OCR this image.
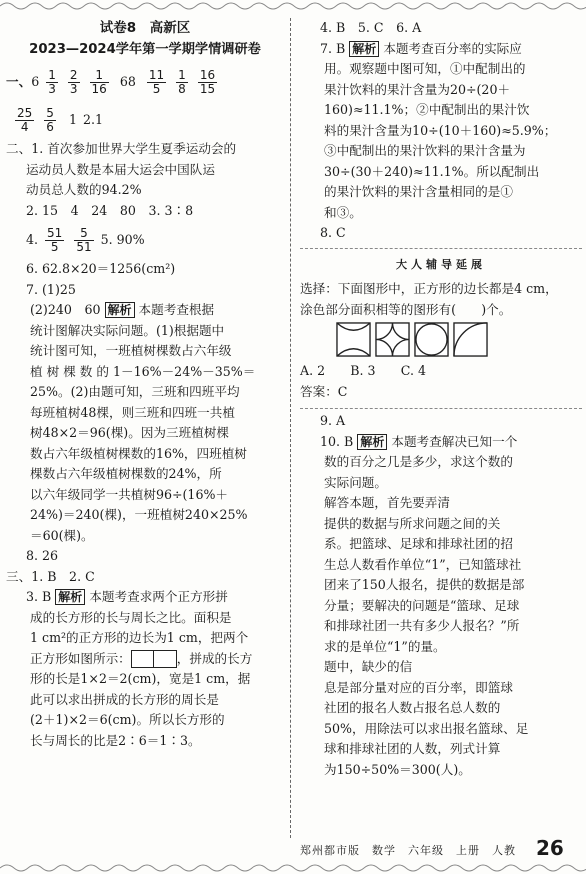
试卷8　高新区
2023—2024学年第一学期学情调研卷
一、$6 \frac{1}{3}$
$\frac{2}{3}$
$\frac{1}{16} 68 \frac{11}{5}$
$\frac{1}{8}$
$\frac{16}{15}$
$\frac{25}{4}$
$\frac{5}{6} 1$ 2.1
二、1. 首次参加世界大学生夏季运动会的
运动员人数是本届大运会中国队运
动员总人数的94.2%
2. 15　4　24　80　3. 3∶8
4. $\frac{51}{5}$
$\frac{5}{51} 5$. 90%
6. 62.8×20＝1256(cm²)
7. (1)25
(2)240　60 解析 本题考查根据
统计图解决实际问题。(1)根据题中
统计图可知，一班植树棵数占六年级
植 树 棵 数 的 1－16%－24%－35%＝
25%。(2)由题可知，三班和四班平均
每班植树48棵，则三班和四班一共植
树48×2＝96(棵)。因为三班植树棵
数占六年级植树棵数的16%，四班植树
棵数占六年级植树棵数的24%，所
以六年级同学一共植树96÷(16%＋
24%)＝240(棵)，一班植树240×25%
＝60(棵)。
8. 26
三、1. B　2. C
3. B 解析 本题考查求两个正方形拼
成的长方形的长与周长之比。面积是
1 cm²的正方形的边长为1 cm，把两个
正方形如图所示：	，拼成的长方
形的长是1×2＝2(cm)，宽是1 cm，据
此可以求出拼成的长方形的周长是
(2＋1)×2＝6(cm)。所以长方形的
长与周长的比是2∶6＝1∶3。
4. B　5. C　6. A
7. B 解析 本题考查百分率的实际应
用。观察题中图可知，①中配制出的
果汁饮料的果汁含量为20÷(20＋
160)≈11.1%；②中配制出的果汁饮
料的果汁含量为10÷(10＋160)≈5.9%；
③中配制出的果汁饮料的果汁含量为
30÷(30＋240)≈11.1%。所以配制出
的果汁饮料的果汁含量相同的是①
和③。
8. C
大人辅导延展
选择：下面图形中，正方形的边长都是4 cm，
涂色部分面积相等的图形有(　　)个。
A. 2　　B. 3　　C. 4
答案：C
9. A
10. B 解析 本题考查解决已知一个
数的百分之几是多少，求这个数的
实际问题。
解答本题，首先要弄清
提供的数据与所求问题之间的关
系。把篮球、足球和排球社团的招
生总人数看作单位“1”，已知篮球社
团来了150人报名，提供的数据是部
分量；要解决的问题是“篮球、足球
和排球社团一共有多少人报名？”所
求的是单位“1”的量。
题中，缺少的信
息是部分量对应的百分率，即篮球
社团的报名人数占报名总人数的
50%，用除法可以求出报名篮球、足
球和排球社团的人数，列式计算
为150÷50%＝300(人)。
郑州都市版　数学　六年级　上册　人教 26
